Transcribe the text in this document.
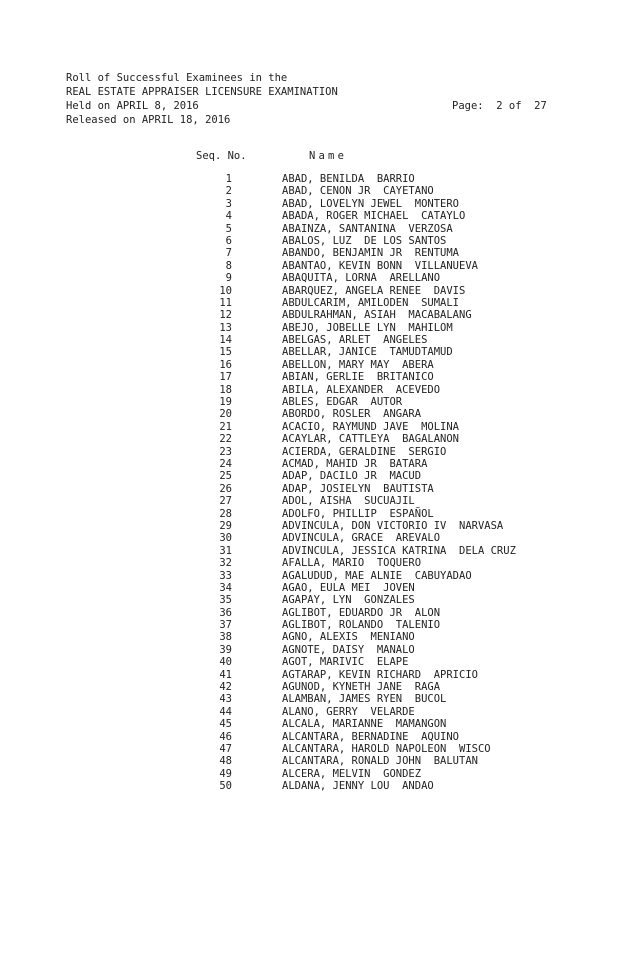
Roll of Successful Examinees in the
REAL ESTATE APPRAISER LICENSURE EXAMINATION
Held on APRIL 8, 2016	Page:  2 of  27
Released on APRIL 18, 2016
Seq. No.	Name
1	ABAD, BENILDA  BARRIO
2	ABAD, CENON JR  CAYETANO
3	ABAD, LOVELYN JEWEL  MONTERO
4	ABADA, ROGER MICHAEL  CATAYLO
5	ABAINZA, SANTANINA  VERZOSA
6	ABALOS, LUZ  DE LOS SANTOS
7	ABANDO, BENJAMIN JR  RENTUMA
8	ABANTAO, KEVIN BONN  VILLANUEVA
9	ABAQUITA, LORNA  ARELLANO
10	ABARQUEZ, ANGELA RENEE  DAVIS
11	ABDULCARIM, AMILODEN  SUMALI
12	ABDULRAHMAN, ASIAH  MACABALANG
13	ABEJO, JOBELLE LYN  MAHILOM
14	ABELGAS, ARLET  ANGELES
15	ABELLAR, JANICE  TAMUDTAMUD
16	ABELLON, MARY MAY  ABERA
17	ABIAN, GERLIE  BRITANICO
18	ABILA, ALEXANDER  ACEVEDO
19	ABLES, EDGAR  AUTOR
20	ABORDO, ROSLER  ANGARA
21	ACACIO, RAYMUND JAVE  MOLINA
22	ACAYLAR, CATTLEYA  BAGALANON
23	ACIERDA, GERALDINE  SERGIO
24	ACMAD, MAHID JR  BATARA
25	ADAP, DACILO JR  MACUD
26	ADAP, JOSIELYN  BAUTISTA
27	ADOL, AISHA  SUCUAJIL
28	ADOLFO, PHILLIP  ESPAÑOL
29	ADVINCULA, DON VICTORIO IV  NARVASA
30	ADVINCULA, GRACE  AREVALO
31	ADVINCULA, JESSICA KATRINA  DELA CRUZ
32	AFALLA, MARIO  TOQUERO
33	AGALUDUD, MAE ALNIE  CABUYADAO
34	AGAO, EULA MEI  JOVEN
35	AGAPAY, LYN  GONZALES
36	AGLIBOT, EDUARDO JR  ALON
37	AGLIBOT, ROLANDO  TALENIO
38	AGNO, ALEXIS  MENIANO
39	AGNOTE, DAISY  MANALO
40	AGOT, MARIVIC  ELAPE
41	AGTARAP, KEVIN RICHARD  APRICIO
42	AGUNOD, KYNETH JANE  RAGA
43	ALAMBAN, JAMES RYEN  BUCOL
44	ALANO, GERRY  VELARDE
45	ALCALA, MARIANNE  MAMANGON
46	ALCANTARA, BERNADINE  AQUINO
47	ALCANTARA, HAROLD NAPOLEON  WISCO
48	ALCANTARA, RONALD JOHN  BALUTAN
49	ALCERA, MELVIN  GONDEZ
50	ALDANA, JENNY LOU  ANDAO
